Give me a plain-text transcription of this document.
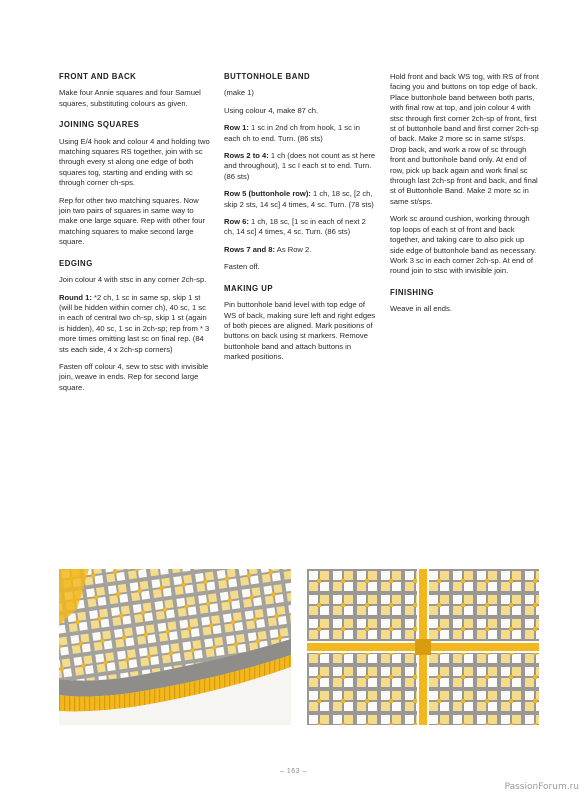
FRONT AND BACK

Make four Annie squares and four Samuel squares, substituting colours as given.

JOINING SQUARES

Using E/4 hook and colour 4 and holding two matching squares RS together, join with sc through every st along one edge of both squares tog, starting and ending with sc through corner ch-sps.

Rep for other two matching squares. Now join two pairs of squares in same way to make one large square. Rep with other four matching squares to make second large square.

EDGING

Join colour 4 with stsc in any corner 2ch-sp.

Round 1: *2 ch, 1 sc in same sp, skip 1 st (will be hidden within corner ch), 40 sc, 1 sc in each of central two ch-sp, skip 1 st (again is hidden), 40 sc, 1 sc in 2ch-sp; rep from * 3 more times omitting last sc on final rep. (84 sts each side, 4 x 2ch-sp corners)

Fasten off colour 4, sew to stsc with invisible join, weave in ends. Rep for second large square.

BUTTONHOLE BAND

(make 1)

Using colour 4, make 87 ch.

Row 1: 1 sc in 2nd ch from hook, 1 sc in each ch to end. Turn. (86 sts)

Rows 2 to 4: 1 ch (does not count as st here and throughout), 1 sc I each st to end. Turn. (86 sts)

Row 5 (buttonhole row): 1 ch, 18 sc, [2 ch, skip 2 sts, 14 sc] 4 times, 4 sc. Turn. (78 sts)

Row 6: 1 ch, 18 sc, [1 sc in each of next 2 ch, 14 sc] 4 times, 4 sc. Turn. (86 sts)

Rows 7 and 8: As Row 2.

Fasten off.

MAKING UP

Pin buttonhole band level with top edge of WS of back, making sure left and right edges of both pieces are aligned. Mark positions of buttons on back using st markers. Remove buttonhole band and attach buttons in marked positions.

Hold front and back WS tog, with RS of front facing you and buttons on top edge of back. Place buttonhole band between both parts, with final row at top, and join colour 4 with stsc through first corner 2ch-sp of front, first st of buttonhole band and first corner 2ch-sp of back. Make 2 more sc in same st/sps. Drop back, and work a row of sc through front and buttonhole band only. At end of row, pick up back again and work final sc through last 2ch-sp front and back, and final st of Buttonhole Band. Make 2 more sc in same st/sps.

Work sc around cushion, working through top loops of each st of front and back together, and taking care to also pick up side edge of buttonhole band as necessary. Work 3 sc in each corner 2ch-sp. At end of round join to stsc with invisible join.

FINISHING

Weave in all ends.

– 163 –
PassionForum.ru
